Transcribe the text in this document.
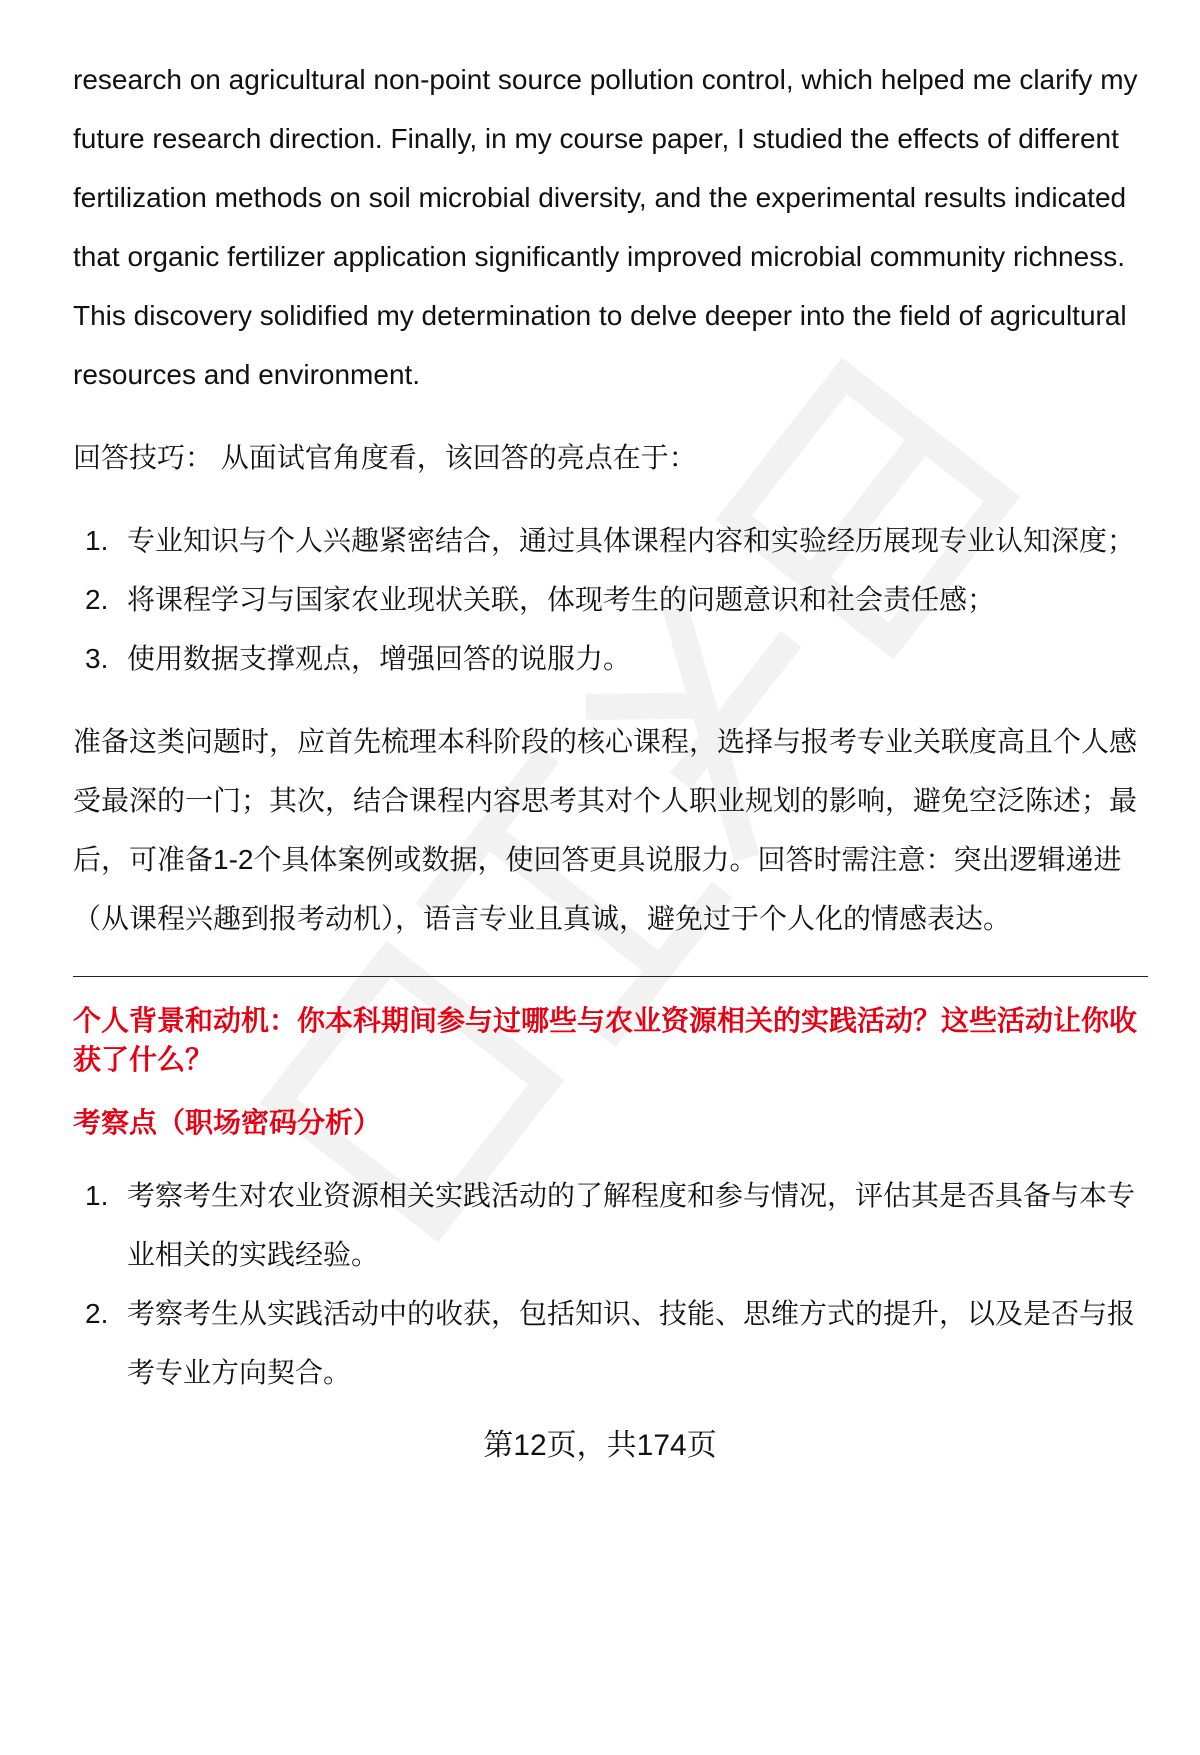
research on agricultural non-point source pollution control, which helped me clarify my future research direction. Finally, in my course paper, I studied the effects of different fertilization methods on soil microbial diversity, and the experimental results indicated that organic fertilizer application significantly improved microbial community richness. This discovery solidified my determination to delve deeper into the field of agricultural resources and environment.

回答技巧： 从面试官角度看，该回答的亮点在于：

1. 专业知识与个人兴趣紧密结合，通过具体课程内容和实验经历展现专业认知深度；
2. 将课程学习与国家农业现状关联，体现考生的问题意识和社会责任感；
3. 使用数据支撑观点，增强回答的说服力。

准备这类问题时，应首先梳理本科阶段的核心课程，选择与报考专业关联度高且个人感受最深的一门；其次，结合课程内容思考其对个人职业规划的影响，避免空泛陈述；最后，可准备1-2个具体案例或数据，使回答更具说服力。回答时需注意：突出逻辑递进（从课程兴趣到报考动机），语言专业且真诚，避免过于个人化的情感表达。

个人背景和动机：你本科期间参与过哪些与农业资源相关的实践活动？这些活动让你收获了什么？

考察点（职场密码分析）

1. 考察考生对农业资源相关实践活动的了解程度和参与情况，评估其是否具备与本专业相关的实践经验。
2. 考察考生从实践活动中的收获，包括知识、技能、思维方式的提升，以及是否与报考专业方向契合。
第12页，共174页
